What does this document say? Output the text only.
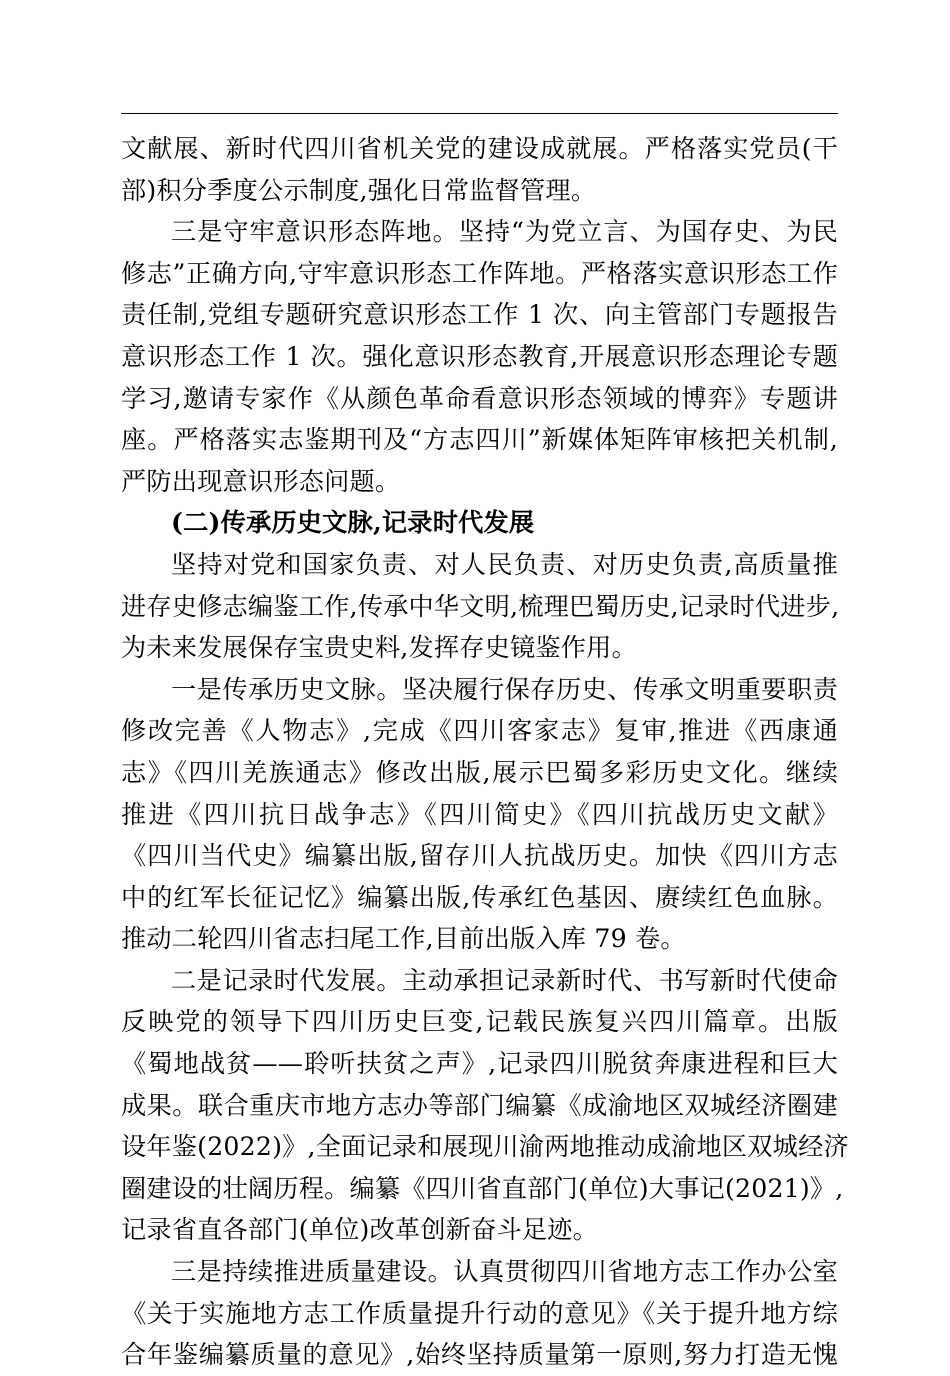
文献展、新时代四川省机关党的建设成就展。严格落实党员(干
部)积分季度公示制度,强化日常监督管理。
三是守牢意识形态阵地。坚持“为党立言、为国存史、为民
修志”正确方向,守牢意识形态工作阵地。严格落实意识形态工作
责任制,党组专题研究意识形态工作 1 次、向主管部门专题报告
意识形态工作 1 次。强化意识形态教育,开展意识形态理论专题
学习,邀请专家作《从颜色革命看意识形态领域的博弈》专题讲
座。严格落实志鉴期刊及“方志四川”新媒体矩阵审核把关机制,
严防出现意识形态问题。
(二)传承历史文脉,记录时代发展
坚持对党和国家负责、对人民负责、对历史负责,高质量推
进存史修志编鉴工作,传承中华文明,梳理巴蜀历史,记录时代进步,
为未来发展保存宝贵史料,发挥存史镜鉴作用。
一是传承历史文脉。坚决履行保存历史、传承文明重要职责
修改完善《人物志》,完成《四川客家志》复审,推进《西康通
志》《四川羌族通志》修改出版,展示巴蜀多彩历史文化。继续
推进《四川抗日战争志》《四川简史》《四川抗战历史文献》
《四川当代史》编纂出版,留存川人抗战历史。加快《四川方志
中的红军长征记忆》编纂出版,传承红色基因、赓续红色血脉。
推动二轮四川省志扫尾工作,目前出版入库 79 卷。
二是记录时代发展。主动承担记录新时代、书写新时代使命
反映党的领导下四川历史巨变,记载民族复兴四川篇章。出版
《蜀地战贫——聆听扶贫之声》,记录四川脱贫奔康进程和巨大
成果。联合重庆市地方志办等部门编纂《成渝地区双城经济圈建
设年鉴(2022)》,全面记录和展现川渝两地推动成渝地区双城经济
圈建设的壮阔历程。编纂《四川省直部门(单位)大事记(2021)》,
记录省直各部门(单位)改革创新奋斗足迹。
三是持续推进质量建设。认真贯彻四川省地方志工作办公室
《关于实施地方志工作质量提升行动的意见》《关于提升地方综
合年鉴编纂质量的意见》,始终坚持质量第一原则,努力打造无愧
